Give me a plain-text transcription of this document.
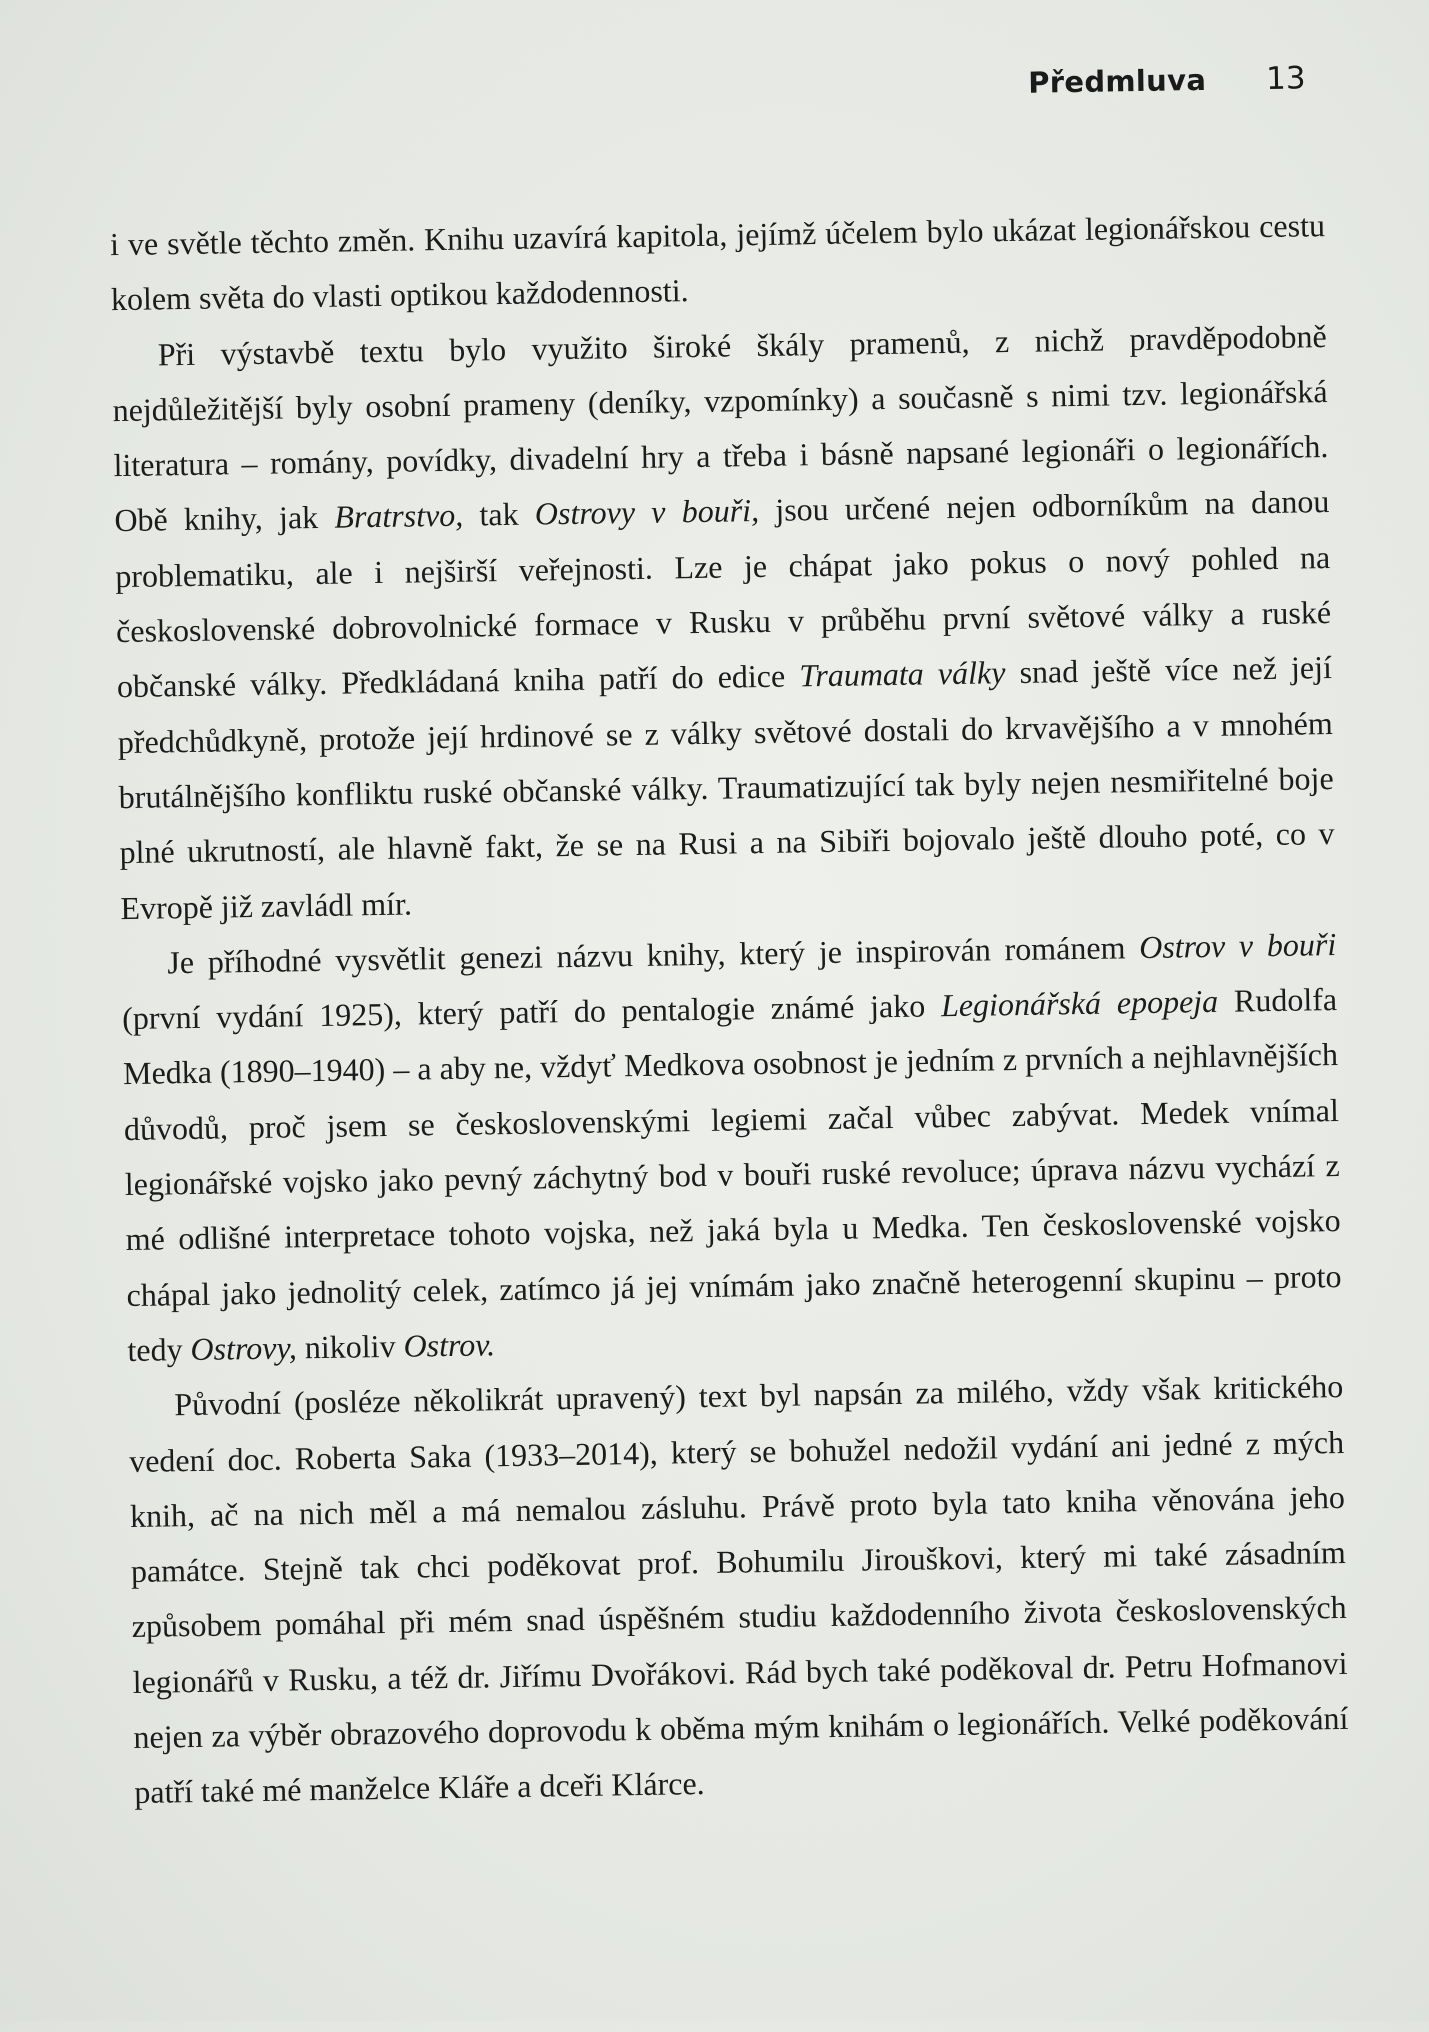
Předmluva 13

i ve světle těchto změn. Knihu uzavírá kapitola, jejímž účelem bylo ukázat legionářskou cestu kolem světa do vlasti optikou každodennosti.

Při výstavbě textu bylo využito široké škály pramenů, z nichž pravděpodobně nejdůležitější byly osobní prameny (deníky, vzpomínky) a současně s nimi tzv. legionářská literatura – romány, povídky, divadelní hry a třeba i básně napsané legionáři o legionářích. Obě knihy, jak Bratrstvo, tak Ostrovy v bouři, jsou určené nejen odborníkům na danou problematiku, ale i nejširší veřejnosti. Lze je chápat jako pokus o nový pohled na československé dobrovolnické formace v Rusku v průběhu první světové války a ruské občanské války. Předkládaná kniha patří do edice Traumata války snad ještě více než její předchůdkyně, protože její hrdinové se z války světové dostali do krvavějšího a v mnohém brutálnějšího konfliktu ruské občanské války. Traumatizující tak byly nejen nesmiřitelné boje plné ukrutností, ale hlavně fakt, že se na Rusi a na Sibiři bojovalo ještě dlouho poté, co v Evropě již zavládl mír.

Je příhodné vysvětlit genezi názvu knihy, který je inspirován románem Ostrov v bouři (první vydání 1925), který patří do pentalogie známé jako Legionářská epopeja Rudolfa Medka (1890–1940) – a aby ne, vždyť Medkova osobnost je jedním z prvních a nejhlavnějších důvodů, proč jsem se československými legiemi začal vůbec zabývat. Medek vnímal legionářské vojsko jako pevný záchytný bod v bouři ruské revoluce; úprava názvu vychází z mé odlišné interpretace tohoto vojska, než jaká byla u Medka. Ten československé vojsko chápal jako jednolitý celek, zatímco já jej vnímám jako značně heterogenní skupinu – proto tedy Ostrovy, nikoliv Ostrov.

Původní (posléze několikrát upravený) text byl napsán za milého, vždy však kritického vedení doc. Roberta Saka (1933–2014), který se bohužel nedožil vydání ani jedné z mých knih, ač na nich měl a má nemalou zásluhu. Právě proto byla tato kniha věnována jeho památce. Stejně tak chci poděkovat prof. Bohumilu Jirouškovi, který mi také zásadním způsobem pomáhal při mém snad úspěšném studiu každodenního života československých legionářů v Rusku, a též dr. Jiřímu Dvořákovi. Rád bych také poděkoval dr. Petru Hofmanovi nejen za výběr obrazového doprovodu k oběma mým knihám o legionářích. Velké poděkování patří také mé manželce Kláře a dceři Klárce.
